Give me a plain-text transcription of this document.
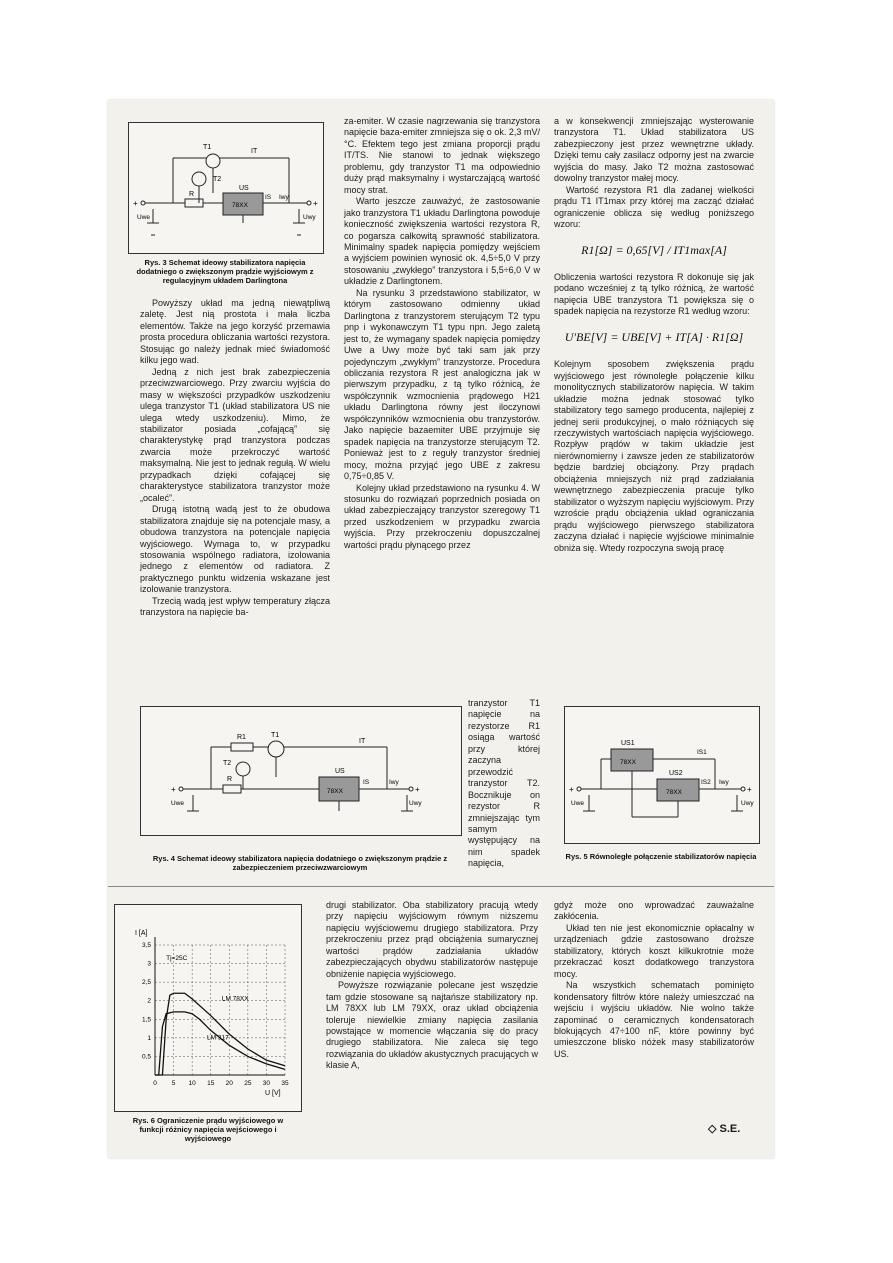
T1
IT
T2
US
78XX
R	IS Iwy
+	+
Uwe	Uwy
Rys. 3 Schemat ideowy stabilizatora napięcia dodatniego o zwiększonym prądzie wyjściowym z regulacyjnym układem Darlingtona

Powyższy układ ma jedną niewątpliwą zaletę. Jest nią prostota i mała liczba elementów. Także na jego korzyść przemawia prosta procedura obliczania wartości rezystora. Stosując go należy jednak mieć świadomość kilku jego wad.

Jedną z nich jest brak zabezpieczenia przeciwzwarciowego. Przy zwarciu wyjścia do masy w większości przypadków uszkodzeniu ulega tranzystor T1 (układ stabilizatora US nie ulega wtedy uszkodzeniu). Mimo, że stabilizator posiada „cofającą” się charakterystykę prąd tranzystora podczas zwarcia może przekroczyć wartość maksymalną. Nie jest to jednak regułą. W wielu przypadkach dzięki cofającej się charakterystyce stabilizatora tranzystor może „ocaleć”.

Drugą istotną wadą jest to że obudowa stabilizatora znajduje się na potencjale masy, a obudowa tranzystora na potencjale napięcia wyjściowego. Wymaga to, w przypadku stosowania wspólnego radiatora, izolowania jednego z elementów od radiatora. Z praktycznego punktu widzenia wskazane jest izolowanie tranzystora.

Trzecią wadą jest wpływ temperatury złącza tranzystora na napięcie ba-

za-emiter. W czasie nagrzewania się tranzystora napięcie baza-emiter zmniejsza się o ok. 2,3 mV/°C. Efektem tego jest zmiana proporcji prądu IT/TS. Nie stanowi to jednak większego problemu, gdy tranzystor T1 ma odpowiednio duży prąd maksymalny i wystarczającą wartość mocy strat.

Warto jeszcze zauważyć, że zastosowanie jako tranzystora T1 układu Darlingtona powoduje konieczność zwiększenia wartości rezystora R, co pogarsza całkowitą sprawność stabilizatora. Minimalny spadek napięcia pomiędzy wejściem a wyjściem powinien wynosić ok. 4,5÷5,0 V przy stosowaniu „zwykłego” tranzystora i 5,5÷6,0 V w układzie z Darlingtonem.

Na rysunku 3 przedstawiono stabilizator, w którym zastosowano odmienny układ Darlingtona z tranzystorem sterującym T2 typu pnp i wykonawczym T1 typu npn. Jego zaletą jest to, że wymagany spadek napięcia pomiędzy Uwe a Uwy może być taki sam jak przy pojedynczym „zwykłym” tranzystorze. Procedura obliczania rezystora R jest analogiczna jak w pierwszym przypadku, z tą tylko różnicą, że współczynnik wzmocnienia prądowego H21 układu Darlingtona równy jest iloczynowi współczynników wzmocnienia obu tranzystorów. Jako napięcie bazaemiter UBE przyjmuje się spadek napięcia na tranzystorze sterującym T2. Ponieważ jest to z reguły tranzystor średniej mocy, można przyjąć jego UBE z zakresu 0,75÷0,85 V.

Kolejny układ przedstawiono na rysunku 4. W stosunku do rozwiązań poprzednich posiada on układ zabezpieczający tranzystor szeregowy T1 przed uszkodzeniem w przypadku zwarcia wyjścia. Przy przekroczeniu dopuszczalnej wartości prądu płynącego przez

tranzystor T1 napięcie na rezystorze R1 osiąga wartość przy której zaczyna przewodzić tranzystor T2. Bocznikuje on rezystor R zmniejszając tym samym występujący na nim spadek napięcia,

a w konsekwencji zmniejszając wysterowanie tranzystora T1. Układ stabilizatora US zabezpieczony jest przez wewnętrzne układy. Dzięki temu cały zasilacz odporny jest na zwarcie wyjścia do masy. Jako T2 można zastosować dowolny tranzystor małej mocy.

Wartość rezystora R1 dla zadanej wielkości prądu T1 IT1max przy której ma zacząć działać ograniczenie oblicza się według poniższego wzoru:

R1[Ω] = 0,65[V] / IT1max[A]

Obliczenia wartości rezystora R dokonuje się jak podano wcześniej z tą tylko różnicą, że wartość napięcia UBE tranzystora T1 powiększa się o spadek napięcia na rezystorze R1 według wzoru:

U'BE[V] = UBE[V] + IT[A] · R1[Ω]

Kolejnym sposobem zwiększenia prądu wyjściowego jest równoległe połączenie kilku monolitycznych stabilizatorów napięcia. W takim układzie można jednak stosować tylko stabilizatory tego samego producenta, najlepiej z jednej serii produkcyjnej, o mało różniących się rzeczywistych wartościach napięcia wyjściowego. Rozpływ prądów w takim układzie jest nierównomierny i zawsze jeden ze stabilizatorów będzie bardziej obciążony. Przy prądach obciążenia mniejszych niż prąd zadziałania wewnętrznego zabezpieczenia pracuje tylko stabilizator o wyższym napięciu wyjściowym. Przy wzroście prądu obciążenia układ ograniczania prądu wyjściowego pierwszego stabilizatora zaczyna działać i napięcie wyjściowe minimalnie obniża się. Wtedy rozpoczyna swoją pracę

R1	T1
IT
T2
R
US
78XX
IS	Iwy
+	+
Uwe	Uwy
Rys. 4 Schemat ideowy stabilizatora napięcia dodatniego o zwiększonym prądzie z zabezpieczeniem przeciwzwarciowym
US1
78XX
US2
78XX
IS1
IS2 Iwy
+	+
Uwe	Uwy
Rys. 5 Równoległe połączenie stabilizatorów napięcia
0 5 10 15 20 25 30 35
0,5
1
1,5
2
2,5
3
3,5
I [A]
U [V]
Tj=25C
LM 78XX
LM 317
Rys. 6 Ograniczenie prądu wyjściowego w funkcji różnicy napięcia wejściowego i wyjściowego

drugi stabilizator. Oba stabilizatory pracują wtedy przy napięciu wyjściowym równym niższemu napięciu wyjściowemu drugiego stabilizatora. Przy przekroczeniu przez prąd obciążenia sumarycznej wartości prądów zadziałania układów zabezpieczających obydwu stabilizatorów następuje obniżenie napięcia wyjściowego.

Powyższe rozwiązanie polecane jest wszędzie tam gdzie stosowane są najtańsze stabilizatory np. LM 78XX lub LM 79XX, oraz układ obciążenia toleruje niewielkie zmiany napięcia zasilania powstające w momencie włączania się do pracy drugiego stabilizatora. Nie zaleca się tego rozwiązania do układów akustycznych pracujących w klasie A,

gdyż może ono wprowadzać zauważalne zakłócenia.

Układ ten nie jest ekonomicznie opłacalny w urządzeniach gdzie zastosowano droższe stabilizatory, których koszt kilkukrotnie może przekraczać koszt dodatkowego tranzystora mocy.

Na wszystkich schematach pominięto kondensatory filtrów które należy umieszczać na wejściu i wyjściu układów. Nie wolno także zapominać o ceramicznych kondensatorach blokujących 47÷100 nF, które powinny być umieszczone blisko nóżek masy stabilizatorów US.

◇ S.E.
